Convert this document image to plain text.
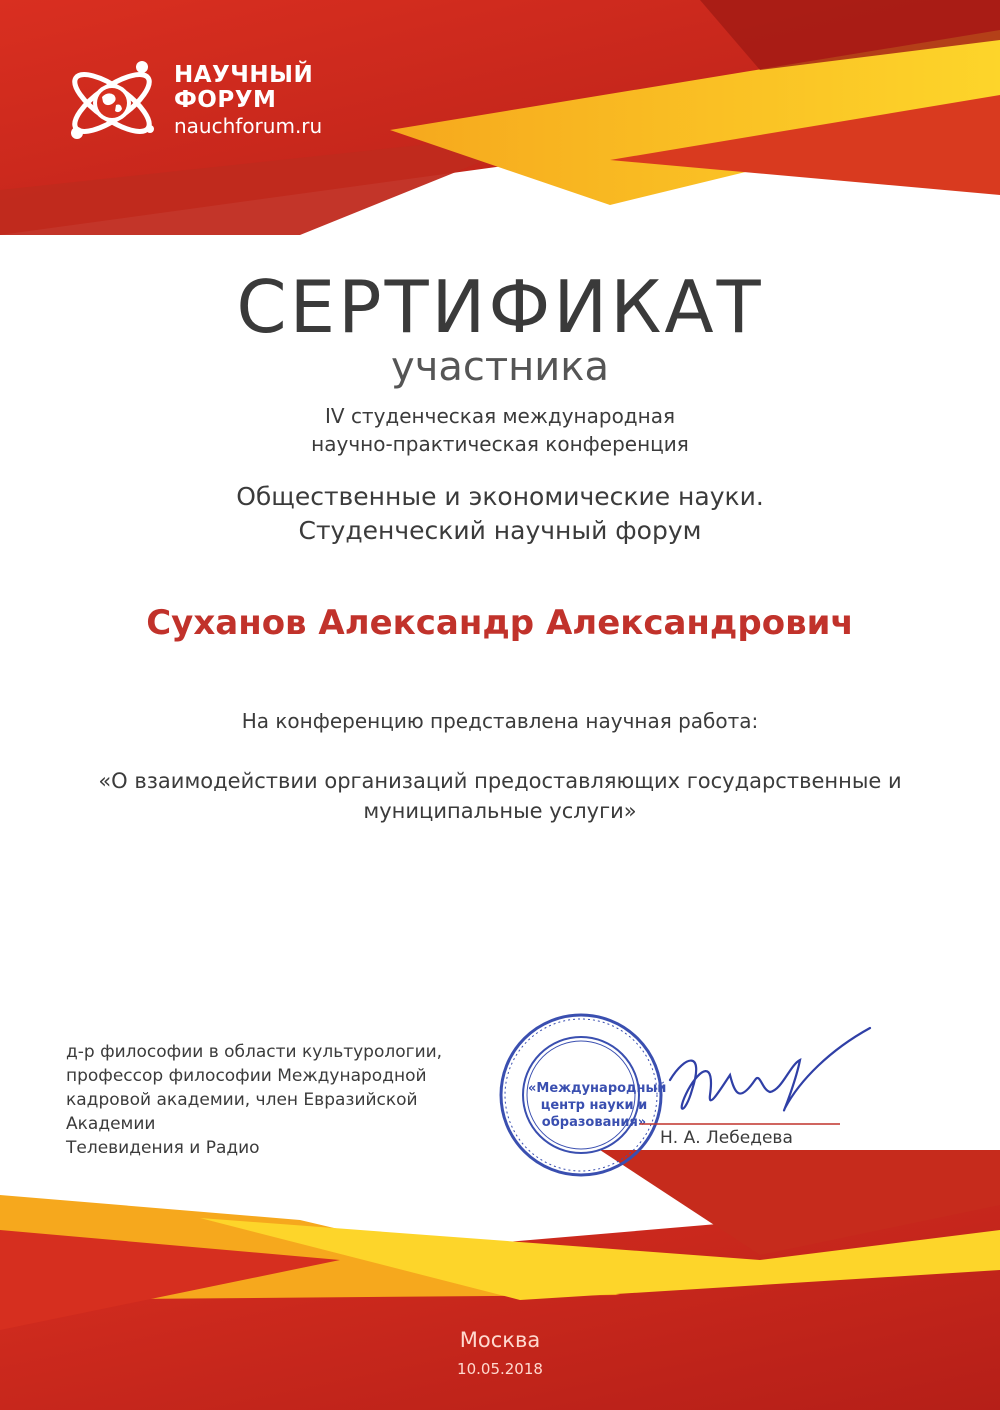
НАУЧНЫЙ
ФОРУМ
nauchforum.ru
СЕРТИФИКАТ
участника
IV студенческая международная
научно-практическая конференция
Общественные и экономические науки.
Студенческий научный форум
Суханов Александр Александрович
На конференцию представлена научная работа:
«О взаимодействии организаций предоставляющих государственные и
муниципальные услуги»
д-р философии в области культурологии,
профессор философии Международной
кадровой академии, член Евразийской Академии
Телевидения и Радио
«Международный
центр науки и
образования»
Н. А. Лебедева
Москва
10.05.2018
